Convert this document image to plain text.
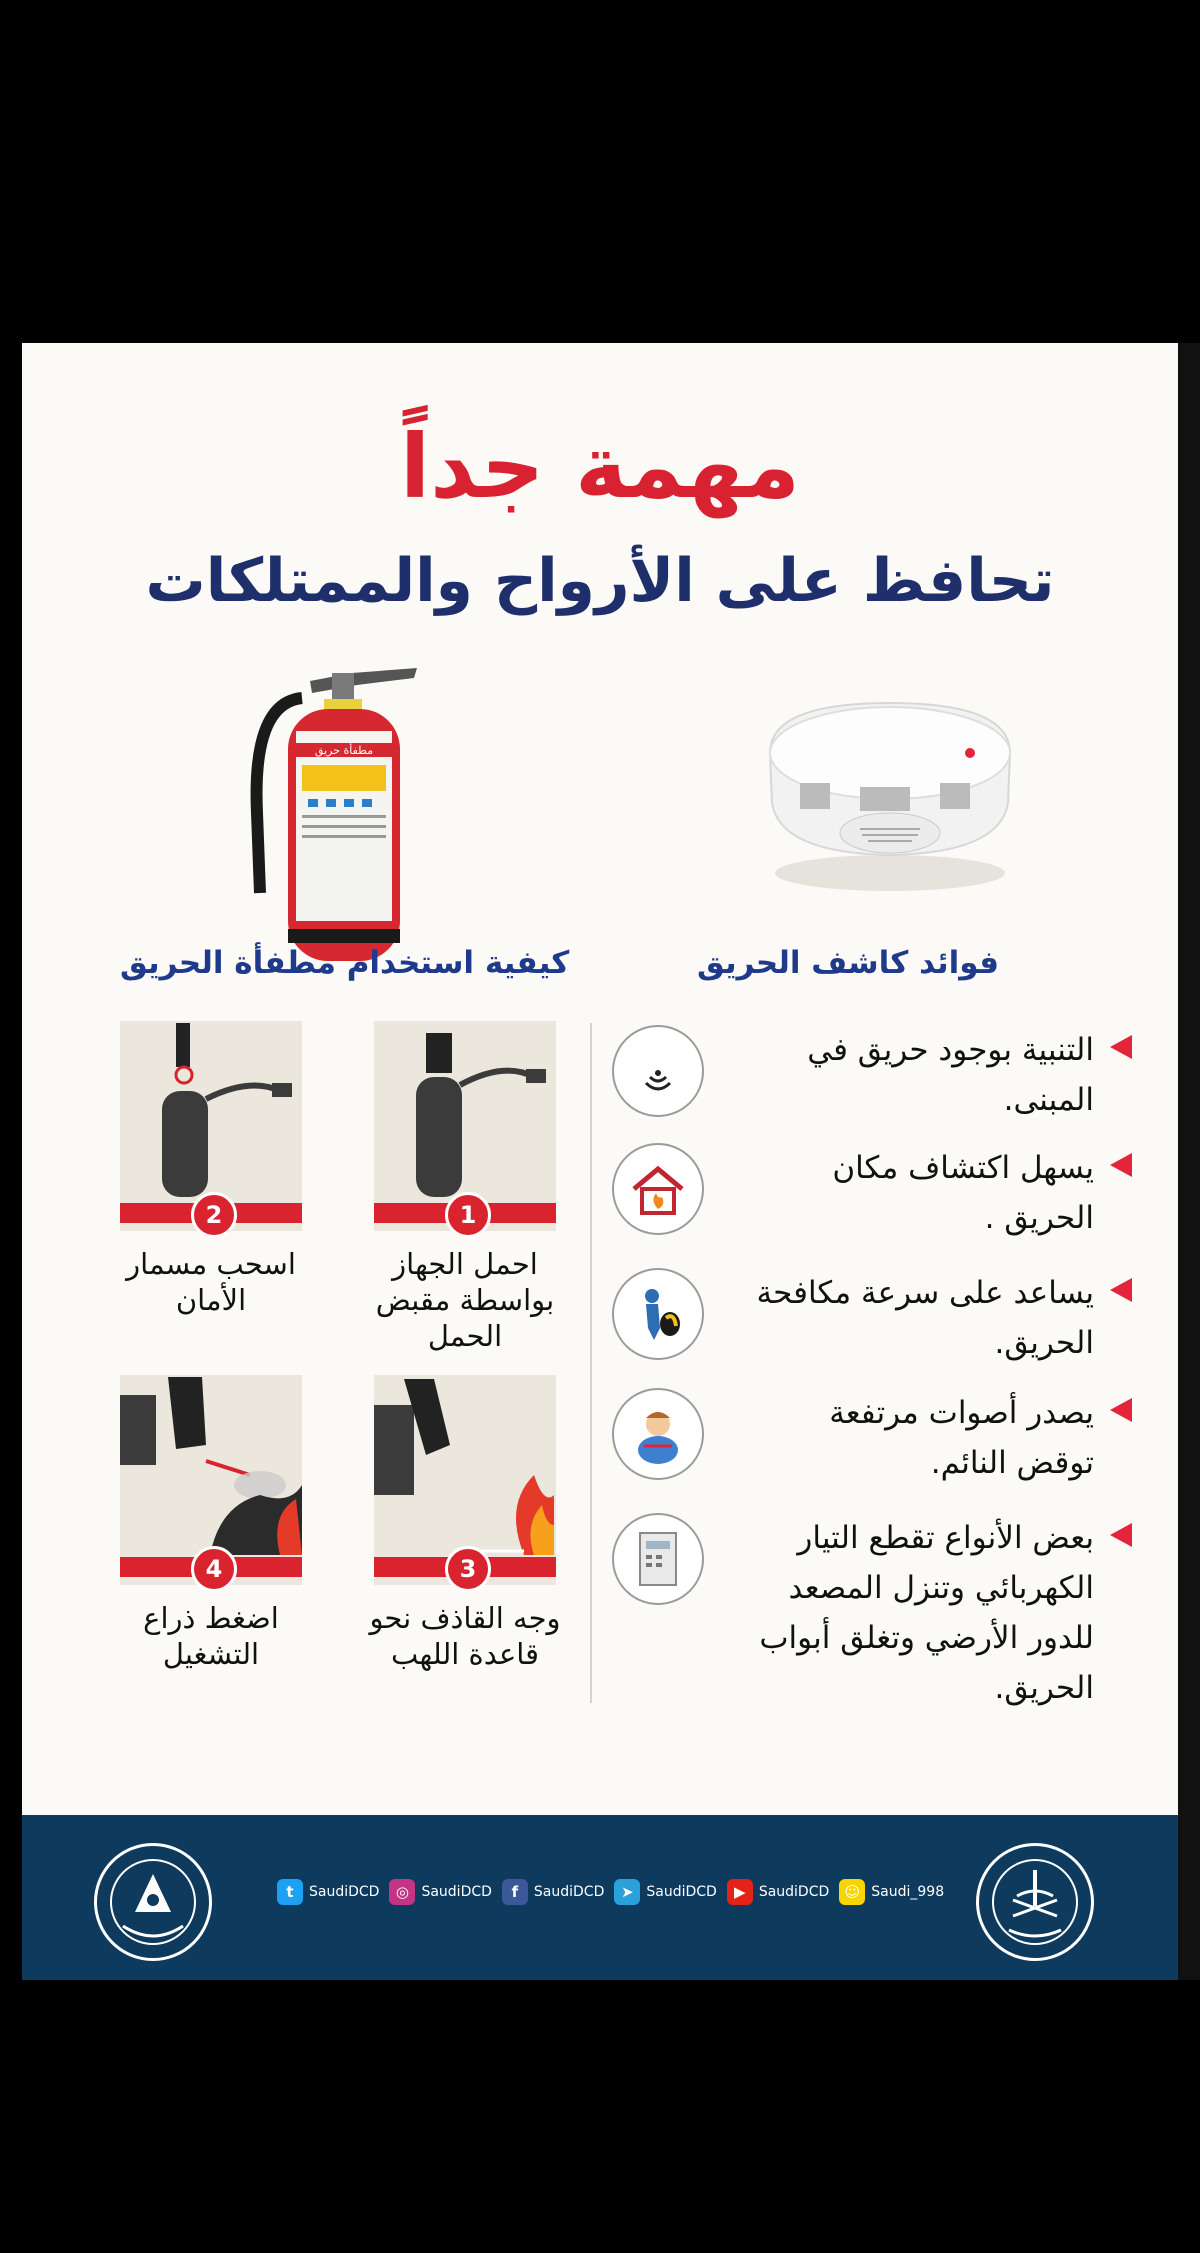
مهمة جداً
تحافظ على الأرواح والممتلكات
مطفأة حريق
فوائد كاشف الحريق
كيفية استخدام مطفأة الحريق
التنبية بوجود حريق في المبنى.
يسهل اكتشاف مكان الحريق .
يساعد على سرعة مكافحة الحريق.
يصدر أصوات مرتفعة توقض النائم.
بعض الأنواع تقطع التيار الكهربائي وتنزل المصعد للدور الأرضي وتغلق أبواب الحريق.
1
احمل الجهاز بواسطة مقبض الحمل
2
اسحب مسمار الأمان
3
وجه القاذف نحو قاعدة اللهب
4
اضغط ذراع التشغيل
t	SaudiDCD	◎ SaudiDCD	f	SaudiDCD	➤ SaudiDCD	▶ SaudiDCD	☺ Saudi_998
